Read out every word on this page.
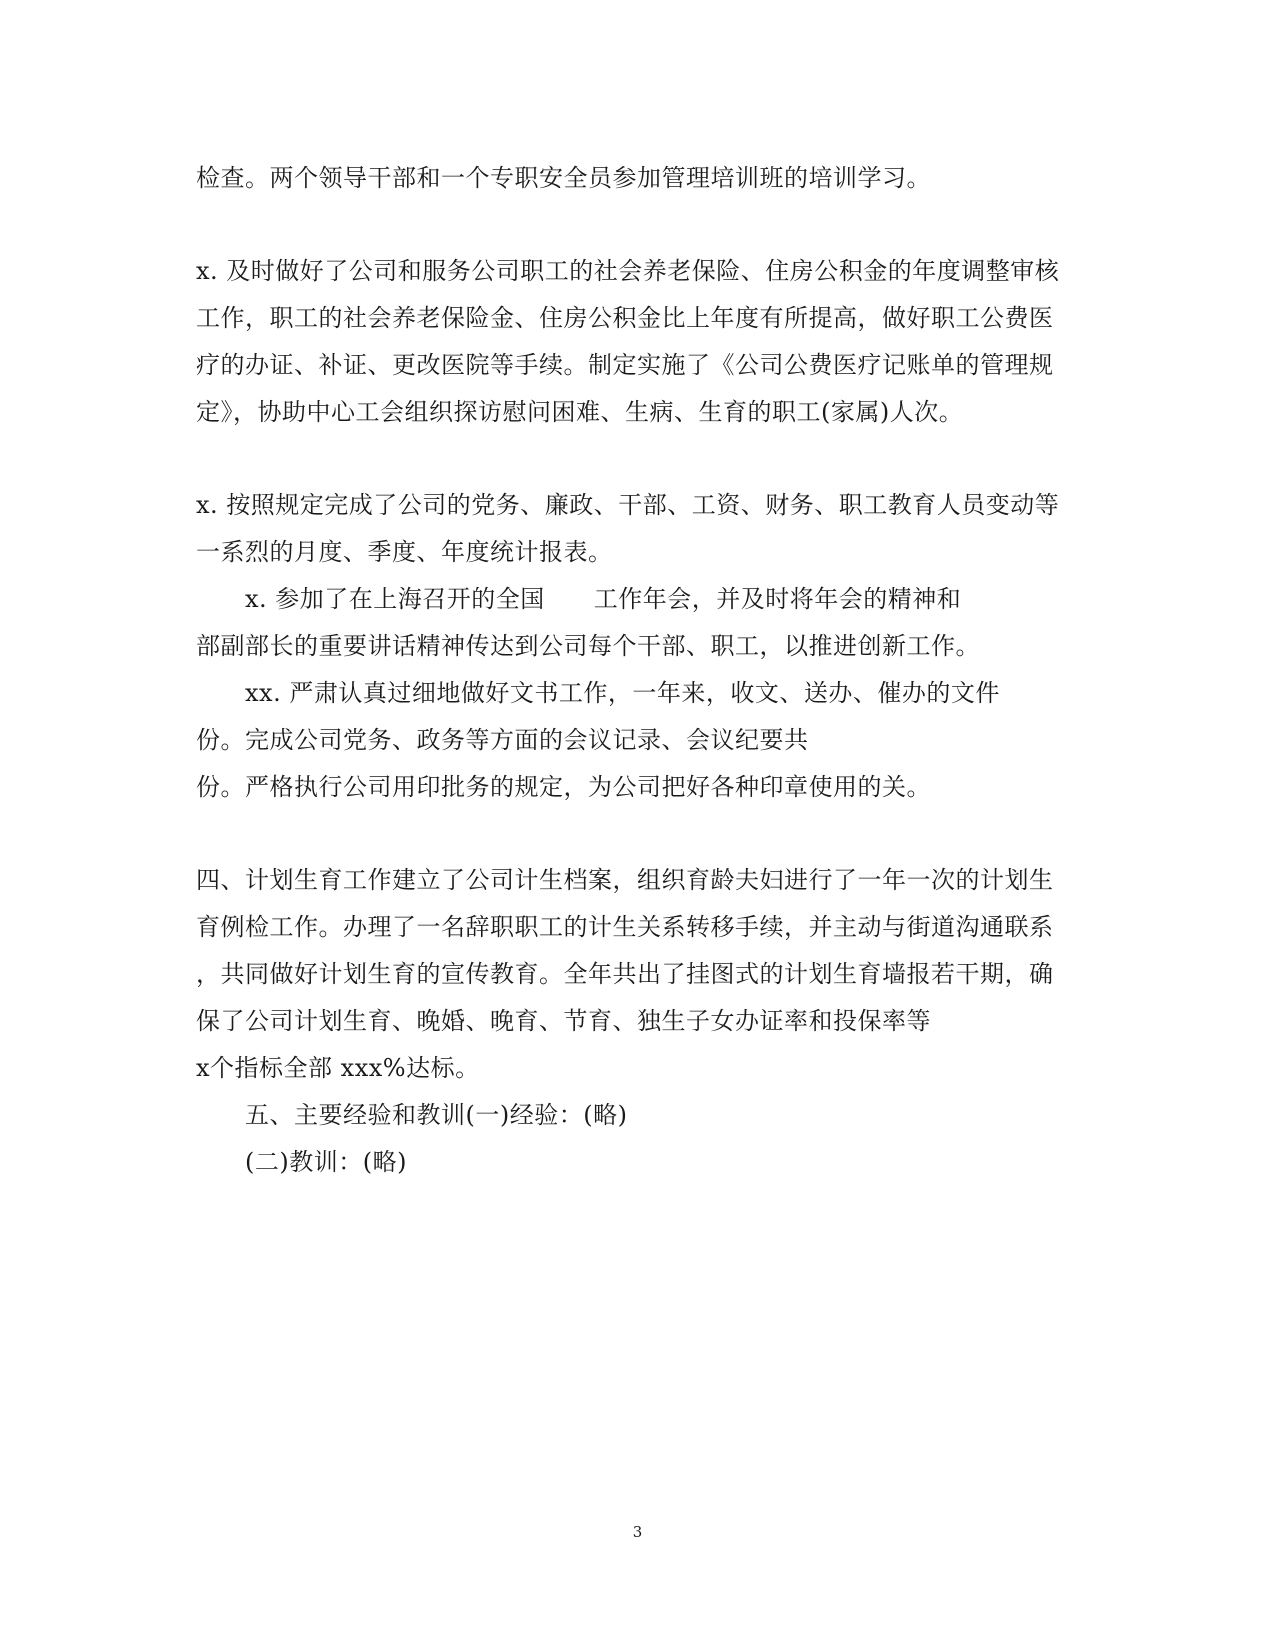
检查。两个领导干部和一个专职安全员参加管理培训班的培训学习。
x. 及时做好了公司和服务公司职工的社会养老保险、住房公积金的年度调整审核
工作，职工的社会养老保险金、住房公积金比上年度有所提高，做好职工公费医
疗的办证、补证、更改医院等手续。制定实施了《公司公费医疗记账单的管理规
定》，协助中心工会组织探访慰问困难、生病、生育的职工(家属)人次。
x. 按照规定完成了公司的党务、廉政、干部、工资、财务、职工教育人员变动等
一系烈的月度、季度、年度统计报表。
x. 参加了在上海召开的全国　　工作年会，并及时将年会的精神和
部副部长的重要讲话精神传达到公司每个干部、职工，以推进创新工作。
xx. 严肃认真过细地做好文书工作，一年来，收文、送办、催办的文件
份。完成公司党务、政务等方面的会议记录、会议纪要共
份。严格执行公司用印批务的规定，为公司把好各种印章使用的关。
四、计划生育工作建立了公司计生档案，组织育龄夫妇进行了一年一次的计划生
育例检工作。办理了一名辞职职工的计生关系转移手续，并主动与街道沟通联系
，共同做好计划生育的宣传教育。全年共出了挂图式的计划生育墙报若干期，确
保了公司计划生育、晚婚、晚育、节育、独生子女办证率和投保率等
x个指标全部 xxx%达标。
五、主要经验和教训(一)经验：(略)
(二)教训：(略)
3
